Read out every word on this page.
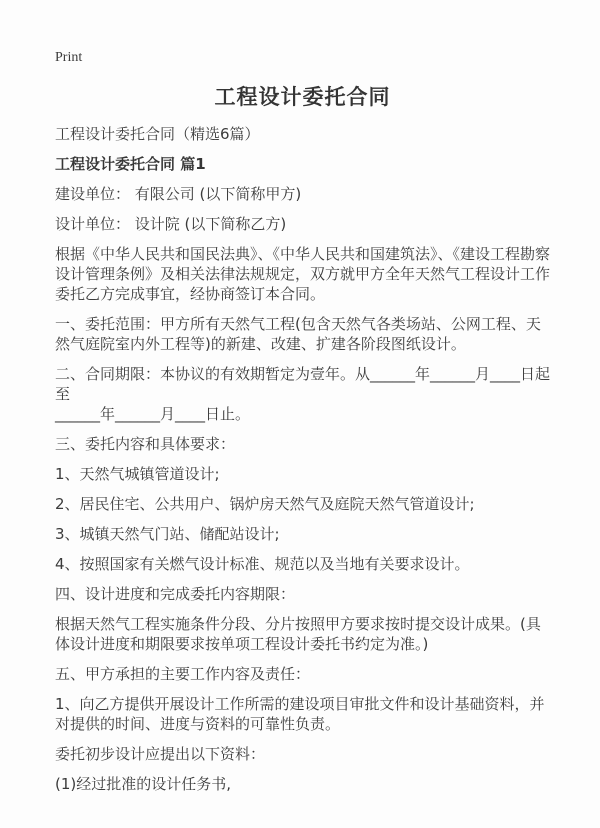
Print
工程设计委托合同
工程设计委托合同（精选6篇）
工程设计委托合同 篇1

建设单位： 有限公司 (以下简称甲方)

设计单位： 设计院 (以下简称乙方)

根据《中华人民共和国民法典》、《中华人民共和国建筑法》、《建设工程勘察设计管理条例》及相关法律法规规定，双方就甲方全年天然气工程设计工作委托乙方完成事宜，经协商签订本合同。

一、委托范围：甲方所有天然气工程(包含天然气各类场站、公网工程、天然气庭院室内外工程等)的新建、改建、扩建各阶段图纸设计。

二、合同期限：本协议的有效期暂定为壹年。从______年______月____日起至
______年______月____日止。

三、委托内容和具体要求：

1、天然气城镇管道设计;

2、居民住宅、公共用户、锅炉房天然气及庭院天然气管道设计;

3、城镇天然气门站、储配站设计;

4、按照国家有关燃气设计标准、规范以及当地有关要求设计。

四、设计进度和完成委托内容期限：

根据天然气工程实施条件分段、分片按照甲方要求按时提交设计成果。(具体设计进度和期限要求按单项工程设计委托书约定为准。)

五、甲方承担的主要工作内容及责任：

1、向乙方提供开展设计工作所需的建设项目审批文件和设计基础资料，并对提供的时间、进度与资料的可靠性负责。

委托初步设计应提出以下资料：

(1)经过批准的设计任务书,
